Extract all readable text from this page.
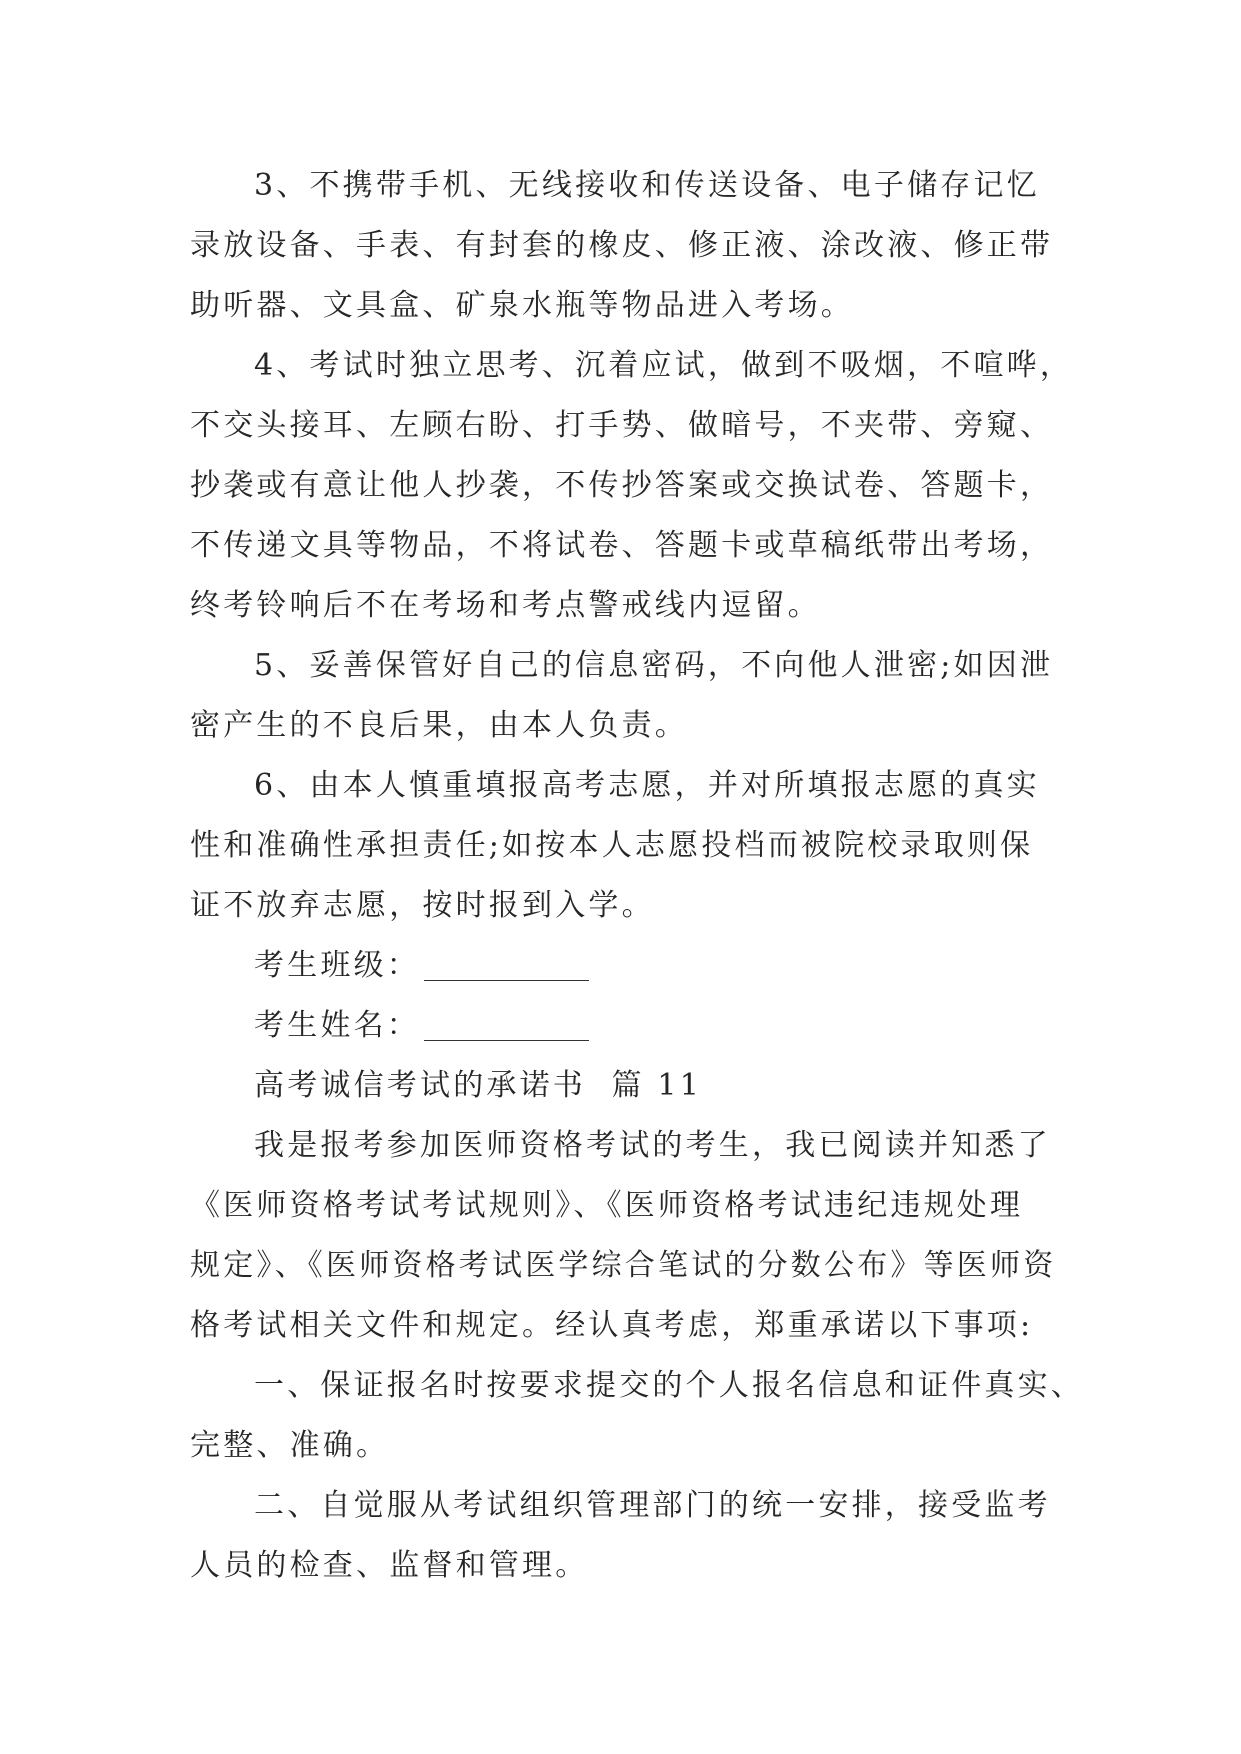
3、不携带手机、无线接收和传送设备、电子储存记忆
录放设备、手表、有封套的橡皮、修正液、涂改液、修正带
助听器、文具盒、矿泉水瓶等物品进入考场。
4、考试时独立思考、沉着应试，做到不吸烟，不喧哗，
不交头接耳、左顾右盼、打手势、做暗号，不夹带、旁窥、
抄袭或有意让他人抄袭，不传抄答案或交换试卷、答题卡，
不传递文具等物品，不将试卷、答题卡或草稿纸带出考场，
终考铃响后不在考场和考点警戒线内逗留。
5、妥善保管好自己的信息密码，不向他人泄密;如因泄
密产生的不良后果，由本人负责。
6、由本人慎重填报高考志愿，并对所填报志愿的真实
性和准确性承担责任;如按本人志愿投档而被院校录取则保
证不放弃志愿，按时报到入学。
考生班级：
考生姓名：
高考诚信考试的承诺书  篇 11
我是报考参加医师资格考试的考生，我已阅读并知悉了
《医师资格考试考试规则》、《医师资格考试违纪违规处理
规定》、《医师资格考试医学综合笔试的分数公布》等医师资
格考试相关文件和规定。经认真考虑，郑重承诺以下事项:
一、保证报名时按要求提交的个人报名信息和证件真实、
完整、准确。
二、自觉服从考试组织管理部门的统一安排，接受监考
人员的检查、监督和管理。
